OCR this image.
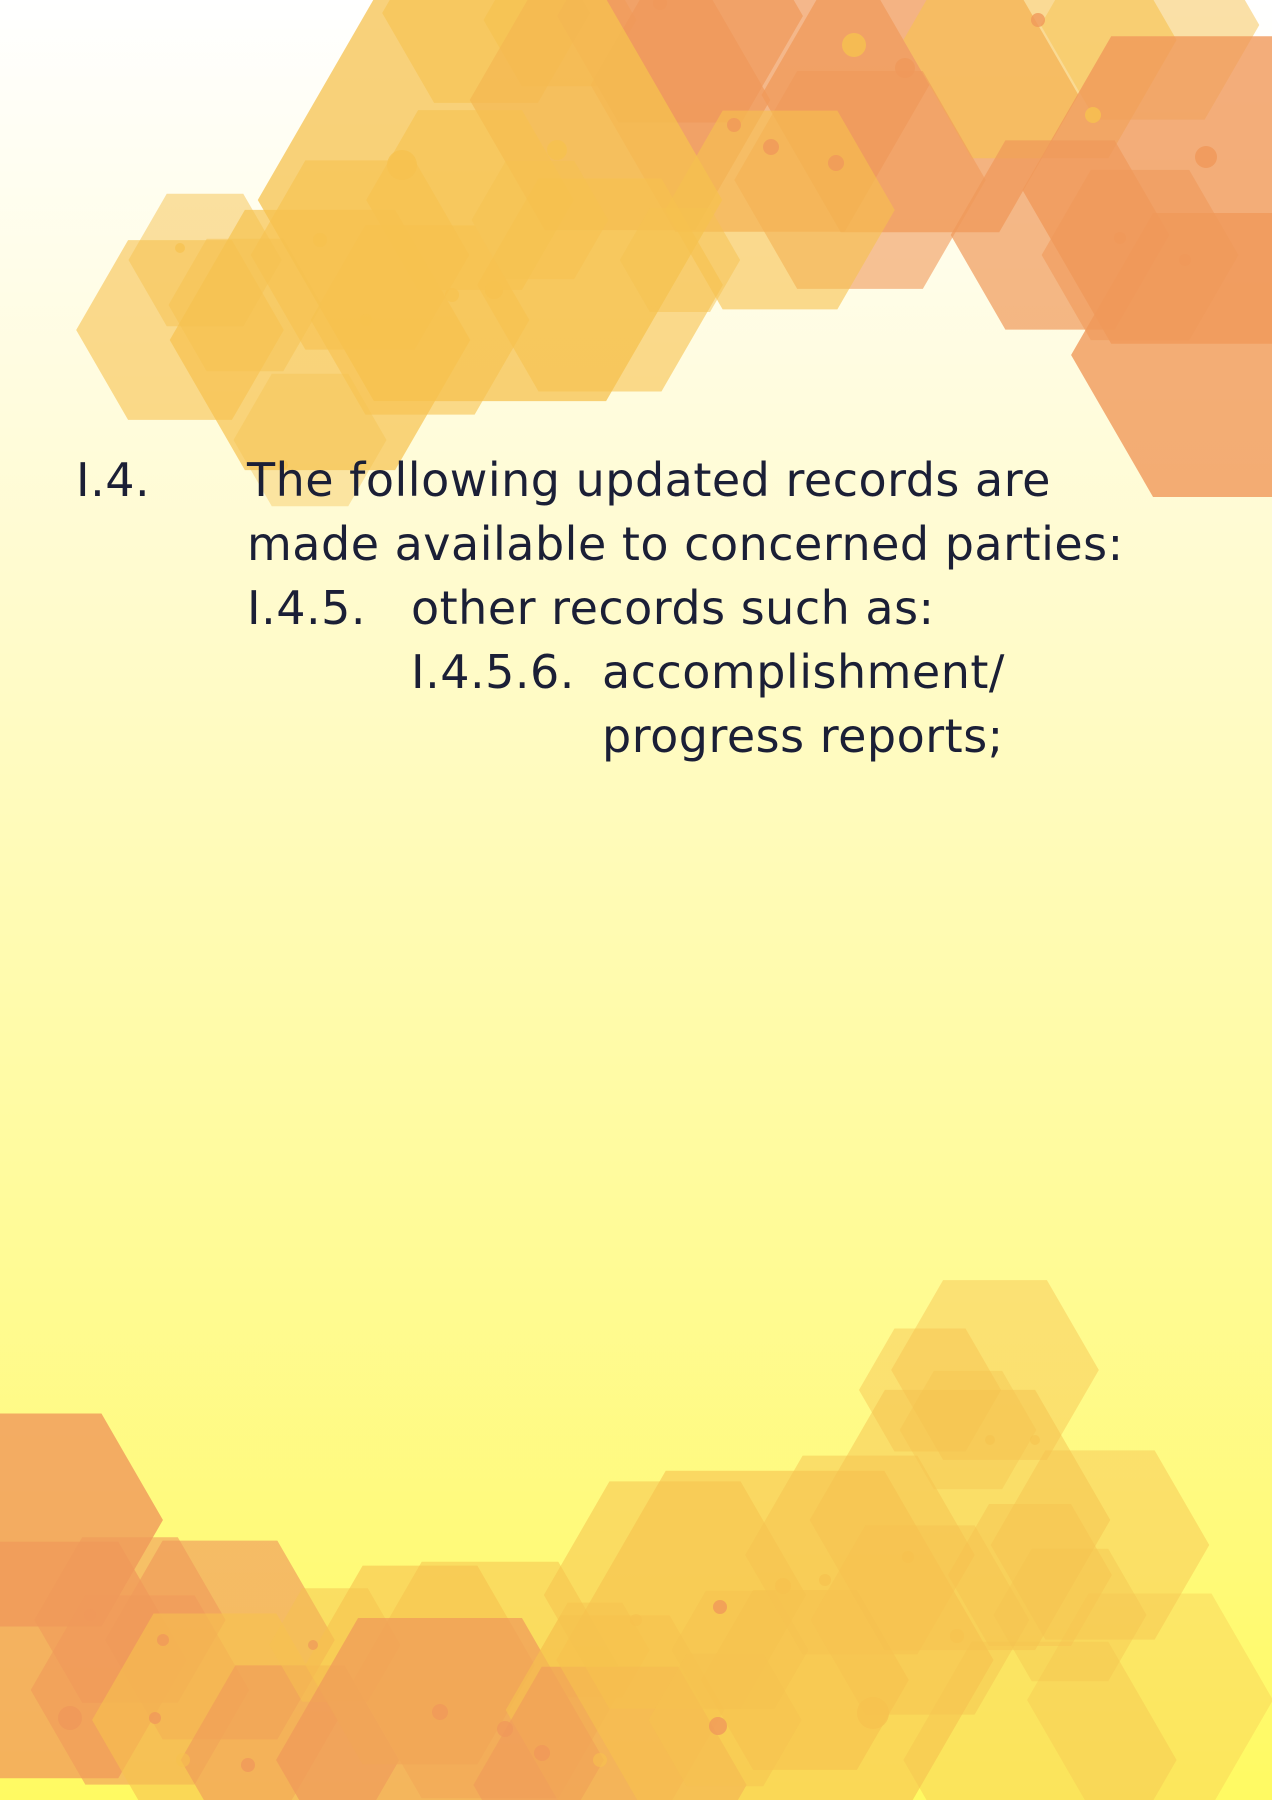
I.4. The following updated records are
made available to concerned parties:
I.4.5. other records such as:
I.4.5.6. accomplishment/
progress reports;
